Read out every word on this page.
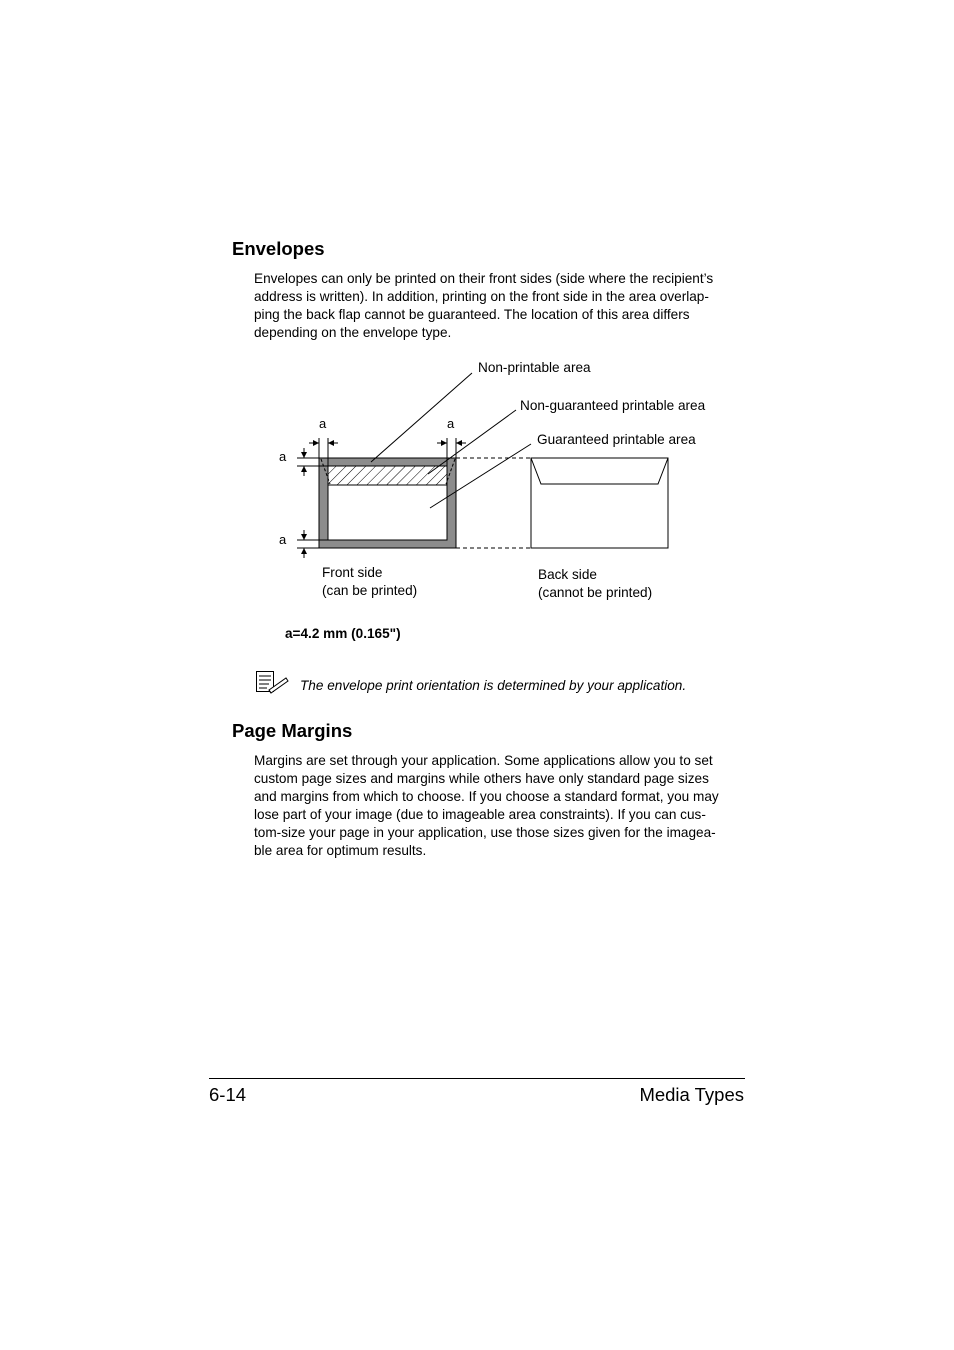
Envelopes
Envelopes can only be printed on their front sides (side where the recipient’s
address is written). In addition, printing on the front side in the area overlap-
ping the back flap cannot be guaranteed. The location of this area differs
depending on the envelope type.
a	a
a
a
Non-printable area
Non-guaranteed printable area
Guaranteed printable area
Front side
(can be printed)
Back side
(cannot be printed)
a=4.2 mm (0.165")
The envelope print orientation is determined by your application.
Page Margins
Margins are set through your application. Some applications allow you to set
custom page sizes and margins while others have only standard page sizes
and margins from which to choose. If you choose a standard format, you may
lose part of your image (due to imageable area constraints). If you can cus-
tom-size your page in your application, use those sizes given for the imagea-
ble area for optimum results.
6-14	Media Types
